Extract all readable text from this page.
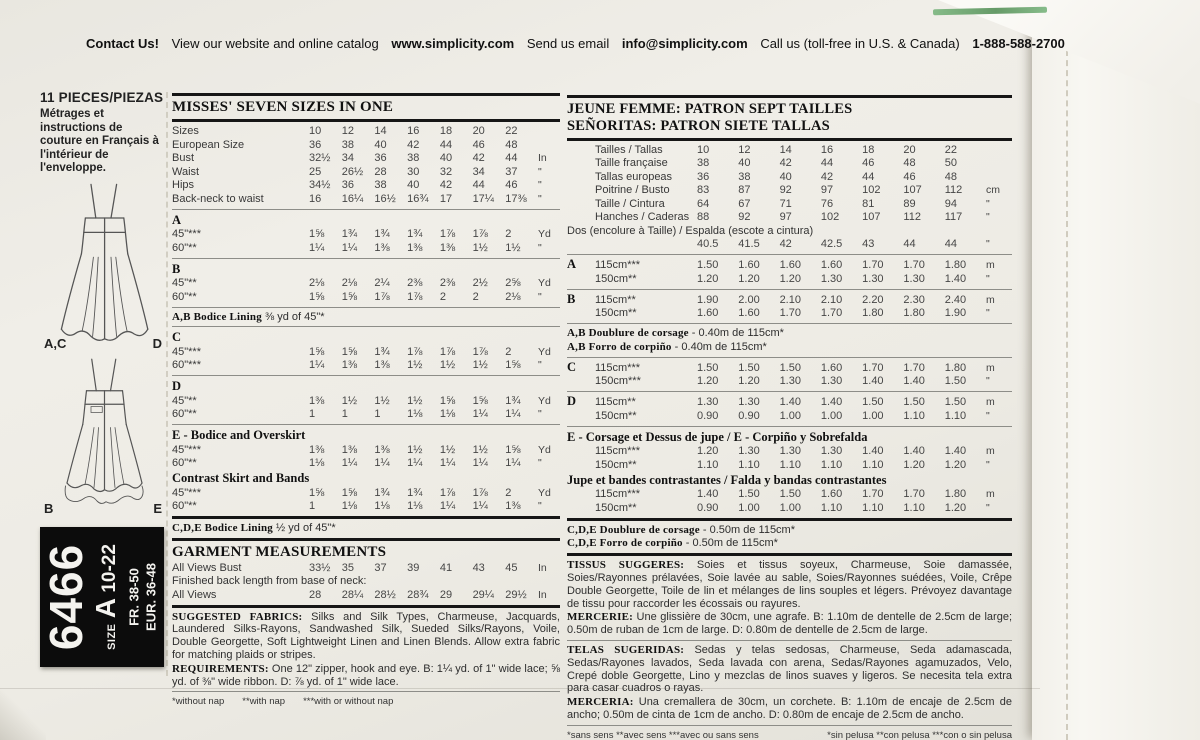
Contact Us! View our website and online catalog www.simplicity.com Send us email info@simplicity.com Call us (toll-free in U.S. & Canada) 1-888-588-2700
11 PIECES/PIEZAS
Métrages et instructions de couture en Français à l'intérieur de l'enveloppe.
A,C	D
B	E
6466	SIZE A 10-22 FR. 38-50 EUR. 36-48
MISSES' SEVEN SIZES IN ONE
Sizes	10	12	14	16	18	20	22
European Size	36	38	40	42	44	46	48
Bust	32½	34	36	38	40	42	44	In
Waist	25	26½	28	30	32	34	37	"
Hips	34½	36	38	40	42	44	46	"
Back-neck to waist	16	16¼	16½	16¾	17	17¼	17⅜	"
A
45"***	1⅝	1¾	1¾	1¾	1⅞	1⅞	2	Yd
60"**	1¼	1¼	1⅜	1⅜	1⅜	1½	1½	"
B
45"**	2⅛	2⅛	2¼	2⅜	2⅜	2½	2⅝	Yd
60"**	1⅝	1⅝	1⅞	1⅞	2	2	2⅛	"
A,B Bodice Lining ⅜ yd of 45"*
C
45"***	1⅝	1⅝	1¾	1⅞	1⅞	1⅞	2	Yd
60"***	1¼	1⅜	1⅜	1½	1½	1½	1⅝	"
D
45"**	1⅜	1½	1½	1½	1⅝	1⅝	1¾	Yd
60"**	1	1	1	1⅛	1⅛	1¼	1¼	"
E - Bodice and Overskirt
45"***	1⅜	1⅜	1⅜	1½	1½	1½	1⅝	Yd
60"**	1⅛	1¼	1¼	1¼	1¼	1¼	1¼	"
Contrast Skirt and Bands
45"***	1⅝	1⅝	1¾	1¾	1⅞	1⅞	2	Yd
60"**	1	1⅛	1⅛	1⅛	1¼	1¼	1⅜	"
C,D,E Bodice Lining ½ yd of 45"*
GARMENT MEASUREMENTS
All Views Bust	33½	35	37	39	41	43	45	In
Finished back length from base of neck:
All Views	28	28¼	28½	28¾	29	29¼	29½	In
SUGGESTED FABRICS: Silks and Silk Types, Charmeuse, Jacquards, Laundered Silks-Rayons, Sandwashed Silk, Sueded Silks/Rayons, Voile, Double Georgette, Soft Lightweight Linen and Linen Blends. Allow extra fabric for matching plaids or stripes.
REQUIREMENTS: One 12" zipper, hook and eye. B: 1¼ yd. of 1" wide lace; ⅝ yd. of ⅜" wide ribbon. D: ⅞ yd. of 1" wide lace.
*without nap **with nap ***with or without nap
JEUNE FEMME: PATRON SEPT TAILLES
SEÑORITAS: PATRON SIETE TALLAS
Tailles / Tallas	10	12	14	16	18	20	22
Taille française	38	40	42	44	46	48	50
Tallas europeas	36	38	40	42	44	46	48
Poitrine / Busto	83	87	92	97	102	107	112	cm
Taille / Cintura	64	67	71	76	81	89	94	"
Hanches / Caderas 88	92	97	102	107	112	117	"
Dos (encolure à Taille) / Espalda (escote a cintura)
40.5	41.5	42	42.5	43	44	44	"
A	115cm***	1.50	1.60	1.60	1.60	1.70	1.70	1.80	m
150cm**	1.20	1.20	1.20	1.30	1.30	1.30	1.40	"
B	115cm**	1.90	2.00	2.10	2.10	2.20	2.30	2.40	m
150cm**	1.60	1.60	1.70	1.70	1.80	1.80	1.90	"
A,B Doublure de corsage - 0.40m de 115cm*
A,B Forro de corpiño - 0.40m de 115cm*
C	115cm***	1.50	1.50	1.50	1.60	1.70	1.70	1.80	m
150cm***	1.20	1.20	1.30	1.30	1.40	1.40	1.50	"
D	115cm**	1.30	1.30	1.40	1.40	1.50	1.50	1.50	m
150cm**	0.90	0.90	1.00	1.00	1.00	1.10	1.10	"
E - Corsage et Dessus de jupe / E - Corpiño y Sobrefalda
115cm***	1.20	1.30	1.30	1.30	1.40	1.40	1.40	m
150cm**	1.10	1.10	1.10	1.10	1.10	1.20	1.20	"
Jupe et bandes contrastantes / Falda y bandas contrastantes
115cm***	1.40	1.50	1.50	1.60	1.70	1.70	1.80	m
150cm**	0.90	1.00	1.00	1.10	1.10	1.10	1.20	"
C,D,E Doublure de corsage - 0.50m de 115cm*
C,D,E Forro de corpiño - 0.50m de 115cm*
TISSUS SUGGERES: Soies et tissus soyeux, Charmeuse, Soie damassée, Soies/Rayonnes prélavées, Soie lavée au sable, Soies/Rayonnes suédées, Voile, Crêpe Double Georgette, Toile de lin et mélanges de lins souples et légers. Prévoyez davantage de tissu pour raccorder les écossais ou rayures.
MERCERIE: Une glissière de 30cm, une agrafe. B: 1.10m de dentelle de 2.5cm de large; 0.50m de ruban de 1cm de large. D: 0.80m de dentelle de 2.5cm de large.
TELAS SUGERIDAS: Sedas y telas sedosas, Charmeuse, Seda adamascada, Sedas/Rayones lavados, Seda lavada con arena, Sedas/Rayones agamuzados, Velo, Crepé doble Georgette, Lino y mezclas de linos suaves y ligeros. Se necesita tela extra para casar cuadros o rayas.
MERCERIA: Una cremallera de 30cm, un corchete. B: 1.10m de encaje de 2.5cm de ancho; 0.50m de cinta de 1cm de ancho. D: 0.80m de encaje de 2.5cm de ancho.
*sans sens **avec sens ***avec ou sans sens	*sin pelusa **con pelusa ***con o sin pelusa
